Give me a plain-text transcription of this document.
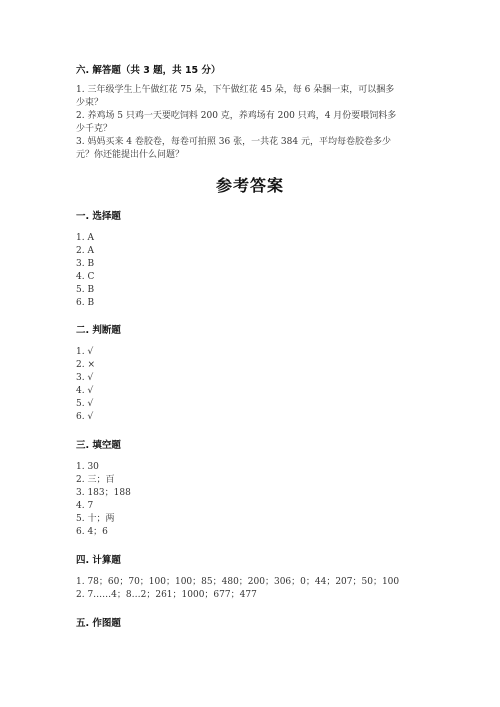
六. 解答题（共 3 题，共 15 分）
1. 三年级学生上午做红花 75 朵，下午做红花 45 朵，每 6 朵捆一束，可以捆多
少束？
2. 养鸡场 5 只鸡一天要吃饲料 200 克，养鸡场有 200 只鸡，4 月份要喂饲料多
少千克？
3. 妈妈买来 4 卷胶卷，每卷可拍照 36 张，一共花 384 元，平均每卷胶卷多少
元？你还能提出什么问题？
参考答案
一. 选择题
1. A
2. A
3. B
4. C
5. B
6. B
二. 判断题
1. √
2. ×
3. √
4. √
5. √
6. √
三. 填空题
1. 30
2. 三；百
3. 183；188
4. 7
5. 十；两
6. 4；6
四. 计算题
1. 78；60；70；100；100；85；480；200；306；0；44；207；50；100
2. 7……4；8…2；261；1000；677；477
五. 作图题
